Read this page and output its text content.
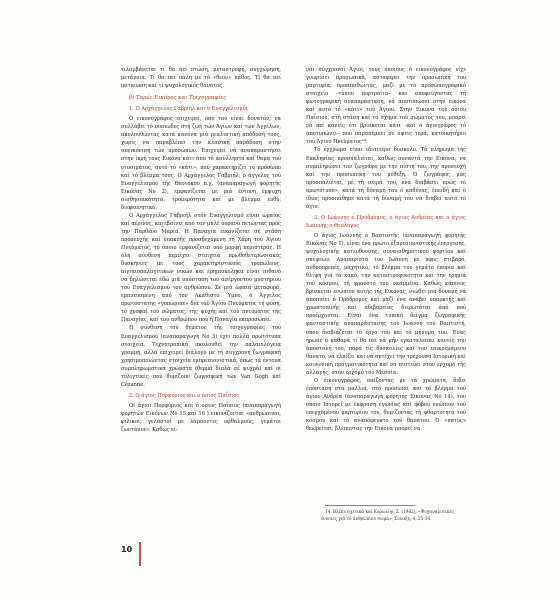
τιλαμβάνεται τί θα πεί πτώση, μεταστροφή, συγχώρηση, μετάνοια. Τί θα πεί πάλη με τό «θεον» πάθος. Τί θα πεί ματαίωση καί τί ψυχολογικός θάνατος.

β) Ταρώ: Εικόνες και Τοιχογραφίες
1. Ο Αρχάγγελος Γαβριήλ και ο Ευαγγελισμός

Ο εικονογράφος επιχειρεί, όσο τού είναι δυνατόν, να συλλάβει τό ουσιώδες στή ζωή τών Άγίων καί τών Άγγέλων, ακολουθώντας κατά κανόνα μιά ρεαλιστική απόδοσή τους, χωρίς να παραβλέπει την κλασική παράδοση στην απεικόνιση τών προσώπων. Επιχειρεί νά αναπαραστήσει στην ίκρή τους Εικόνα κάτι άπο τό άσύλληπτο καί θαμα τού ντοσιμάτος, αυτό τό «κάτι», πού χαρακτηρίζει τό πρόσωπο καί τό βλέμμα τους. Ο Αρχάγγελος Γαβριήλ, ο άγγελος τού Ευαγγελισμού τής Θεοτόκου π.χ. (αναπαραγωγή φορητής Εικόνας Νο 2), εμφανίζεται με μιά έντονη έμψυχη αισθησιακότητα, τρομερότητα καί με βλέμμα ευθύ, διεφευνητικό.

Ο Αρχάγγελος Γαβριήλ στόν Ευαγγελισμό είναι ώραίος καί αέρινος, κατεβαίνει από τον μπλέ ουρανό πετώντας πρός την Παρθένο Μαρία. Η Παναγία εικονίζεται σέ στάση προσευχής καί ύπακοής προσδεχόμενη τή Χάρη τού Άγίου Πνεύματος, τό όποιο εμφανίζεται υπό μορφή περιστεράς. Η όλη σύνθεση περιέχει στοιχεία πρωθοθετερωσιακές δυσκηνίες με τους χαρακτηριστικούς τροπώλους, αίγιαιοπαλαγίτικων νικών και έρημιοκοληκα είναι πιθανό να δηλώνεται έδώ μιά υπόσταση τού άσέργοντου μυστηρίου τού Ευαγγελισμού του ανθρώπου. Σέ μιά ώραία μεταφορά, εμπνευσμένη από τον Ακάθιστο Ύμνο, ό Άγγελος πρωτοστάτης «γοπωρισε» διά τού Άγίου Πνεύματος τή φύση, τό χροφαί τού σώματος, τής ψυχής καί τού πνεύματος τής Παναγίας, καί τού ανθρώπου πού ή Παναγία εκπροσωπεί.

Η σύνθεση τού θέματος τής τοιχογραφίας τού Ευαγγελισμού (αναπαραγωγή Νο 3) έχει πολλά πρωτότυπα στοιχεία. Τεχνοτροπικά ακολουθεί την παλαιολόγεια γραμμή, άλλά επιχειρεί διάλογο με τή σύγχρονη ζωγραφική χρησιμοποιώντας στοιχεία εμπρεσιονιστικά, όπως τά έντονα συμπληρωματικά χρώματα (θερμά δίπλα σέ ψυχρά) καί οί τυλιγτικές πού θυμίζουν ζωγραφική τών Van Gogh καί Cézanne.

2. Ο άγιος Πορφύριος και ο όσιος Παΐσιος

Οί άγιοι Πορφύριος καί ό όσιος Παΐσιος (αναπαραγωγή φορητών Εικόνων Νο 15 καί 16 ) εικονίζονται «ανθρώπινοι, φιλικοί, γελαστοί με λάμποντες οφθαλμούς, γεμάτοι ζωντάνια». Καθώς εί-

ναι σύγχρονοι Άγιοι, τους όποιους ό εικονογράφος είχε γνωρίσει προσωπικά, καταφέρει την προσωπική του μαρτυρία, προσπαθώντας, μαζί με τό προσωπογραφικό στοιχείο –τύπου πορτραίτο– και αποφεύγοντας τή φωτογραφική αναπαράσταση, νά αποτυπώσει στην εικόνα καί αυτό τό «κάτι» τού Άγιου. Στην Εικόνα τού όσιου Παΐσιου, στή στάση καί τό σχήμα τού σώματος του, μπορεί νά πεί κανείς ότι βρίσκεται κάτι –καί ό άγιογράφος τό αποτυπώνει– πού παραπέμπει σέ όψεις τερά, κατοικητήριο τού Άγιου Πνεύματος¹⁴.

Τό έγχρωμα είναι ιδιαιτέρα δύσκολο. Τό πλήρωμα τής Εκκλησίας προσπαλιέται, καθώς συναντά την Εικόνα, να συμπληρώσει τον ζωγράφο με την πίστη του, την προσευχή καί την προσωπική του μέθεξη. Ό ζωγράφος μας προσπαλιέται, μέ τή σειρά του, ενά διαβάσει πρώς τό πρωτότυπο», κατά τή δύναμή του ό καθένας, έπειδή καί ό ίδιος προσπάθησε κατά τή δύναμή του νά διαβεί αυτό τό άγιο.

3. Ο Ιωάννης ο Πρόδρομος, ο άγιος Ανδρέας και ο άγιος Ιωάννης ο Θεολόγος

Ο άγιος Ιωάννης ό Βαπτιστής (αναπαραγωγή φορητής Εικόνας Νο 1), είναι ένα πρώτο έξπρεσιονιστικής ένεργεσης, ψυχολογικής κατευθυνσης, συναισθηματικού φορτίου καί σκέψεων. Αναπαριστά τον Ιωάννη με ύφος στιβαρό, ανδροπρεπές, μαχητικό, τό βλέμμα του γεμάτο έπορία καί θλίψη γιά τό κακό, την καταστροφικότητα και την έρημιά τού κόσμου, τή φρουστό του σκαμμένο. Καθώς κάποιος βρίσκεται ενώπιον αυτής τής Εικόνας, νιώθει μιά δύναμή νά αποπνέει ό Πρόδρομος καί μαζί ένα ανάβει υπαρκτής καί χρωπτοπινής καί αδιβαρείας διερωτάται άπό πού προέρχονται. Είναι ένα τυπικό δείγμα ζωγραφικής φανταστικής αναπαράστασης τού Ιωάννη τού Βαπτιστή, όπου διαβιάζεται τό έργο του καί τό μήνυμα του. Ένας ήρωας ό καθαρά τί θα πεί νά μήν εγκαταλείπει κανείς την αποστολή του, παρά τίς δυσκολίες καί τον επικρεμάμενο θάνατο, νά έλπίζει καί νά αντέχει την τρέχουσα Ιστορική καί κοινωνική πραγματικότητα καί νά πιστεύει στόν ερχομό τής αλλαγής, στόν έρχομό τού Μεσσία.

Ο εικονογράφος, παίζοντας με τά χρώματα, διδει έπόσταση στά μαλλιά, στό πρόσωπο, καί τό βλέμμα τού άγίου Ανδρέα (αναπαραγωγή φορητής Εικόνας Νο 14), τον όποιο Ιστορεί με έκφραση έγωνίας καί φόβου ενώπιον τού επερχομένου μαρτυρίου του, θυμίζοντας τή φθαρτότητα τού κόσμου καί τό αναπόφευκτο τού θανάτου. Ό «πατός» θεωρείται, βλέποντας την Εικόνα μπορεί νά

14. Βλέπε σχετικά καί Κορωλίης Σ. (1982), «Ψυχαναλυτικές έννοιες γιά τό άνθρώπινο σώμα», Σύναξη, 4, 25-34.
10
